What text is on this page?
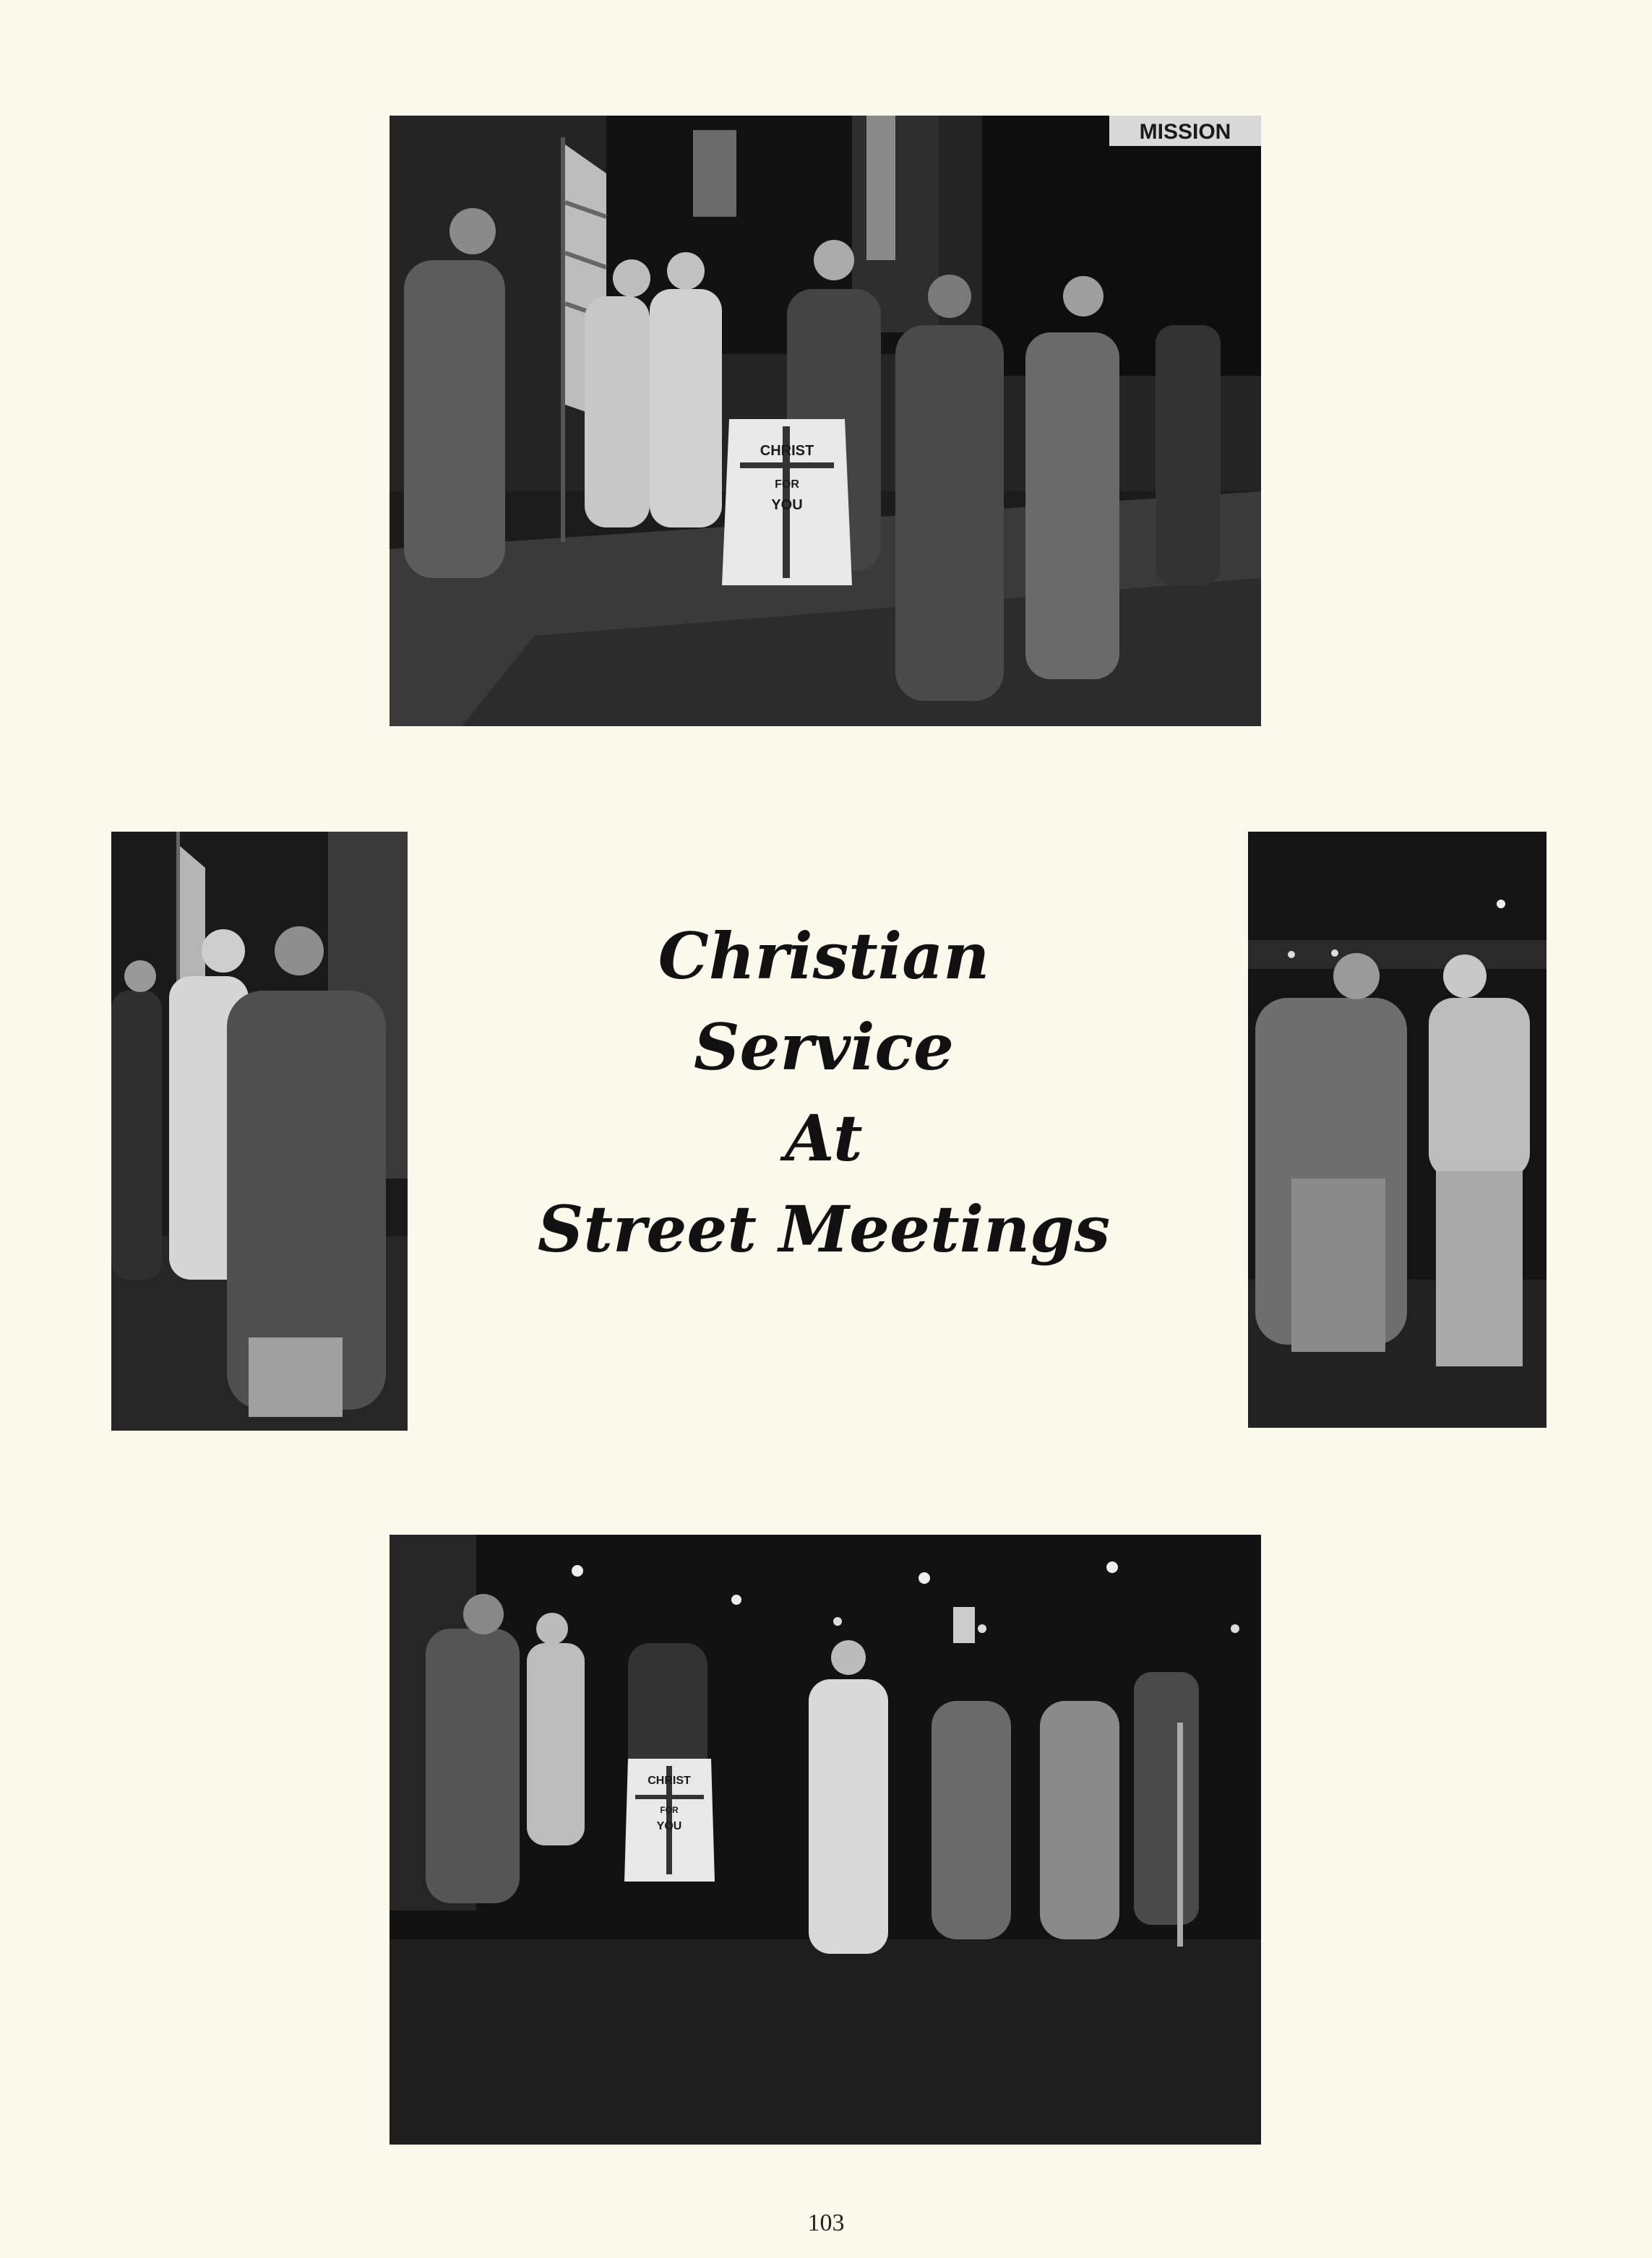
MISSION
CHRIST
FOR
YOU
Christian
Service
At
Street Meetings
CHRIST
FOR
YOU
103
